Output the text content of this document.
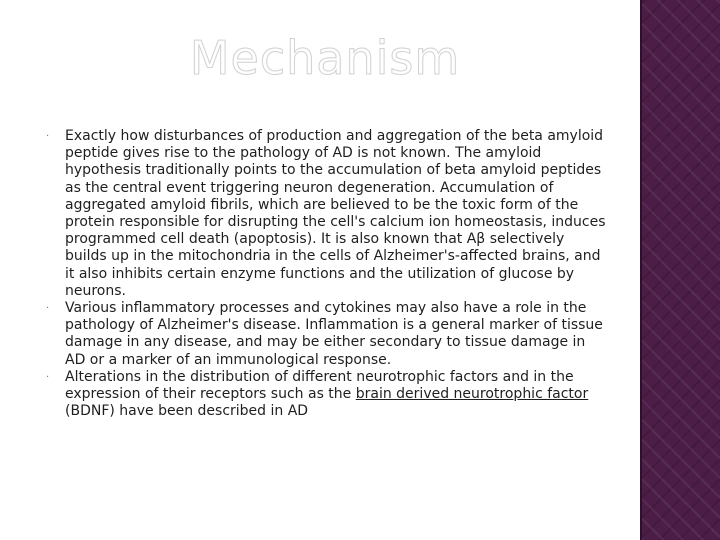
Mechanism
·	Exactly how disturbances of production and aggregation of the beta amyloid peptide gives rise to the pathology of AD is not known. The amyloid hypothesis traditionally points to the accumulation of beta amyloid peptides as the central event triggering neuron degeneration. Accumulation of aggregated amyloid fibrils, which are believed to be the toxic form of the protein responsible for disrupting the cell's calcium ion homeostasis, induces programmed cell death (apoptosis). It is also known that Aβ selectively builds up in the mitochondria in the cells of Alzheimer's-affected brains, and it also inhibits certain enzyme functions and the utilization of glucose by neurons.
·	Various inflammatory processes and cytokines may also have a role in the pathology of Alzheimer's disease. Inflammation is a general marker of tissue damage in any disease, and may be either secondary to tissue damage in AD or a marker of an immunological response.
·	Alterations in the distribution of different neurotrophic factors and in the expression of their receptors such as the brain derived neurotrophic factor (BDNF) have been described in AD
